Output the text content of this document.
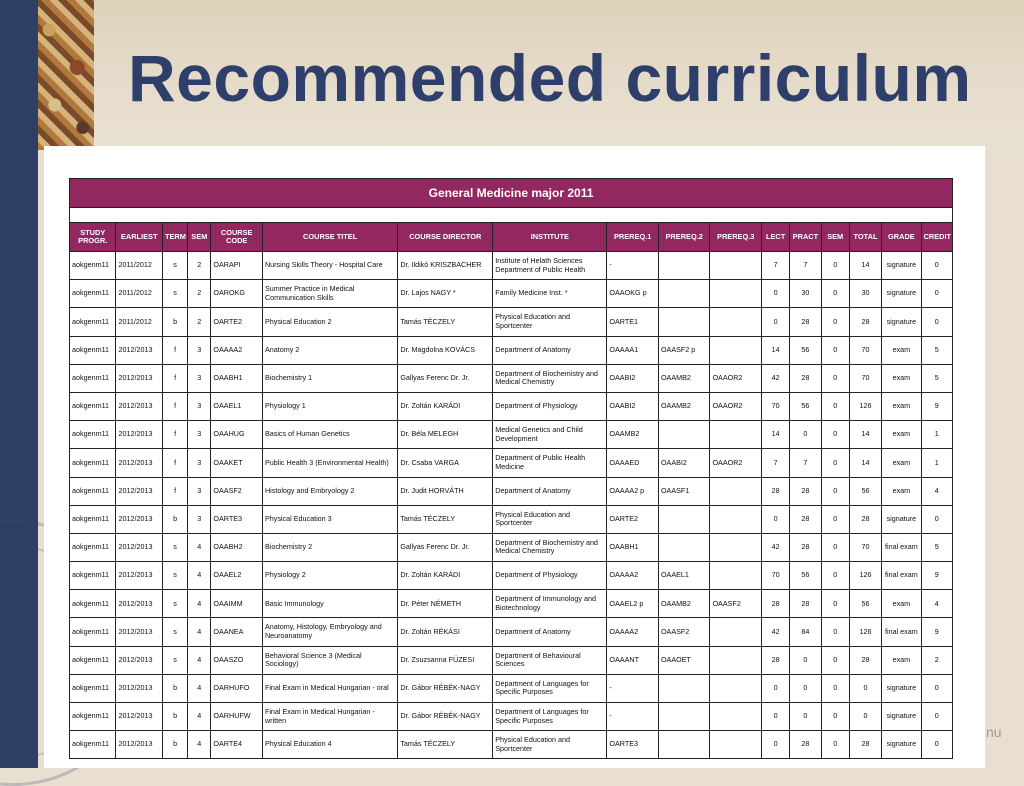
Recommended curriculum
General Medicine major 2011																

STUDY PROGR.	EARLIEST	TERM	SEM	COURSE CODE	COURSE TITEL	COURSE DIRECTOR	INSTITUTE	PREREQ.1	PREREQ.2	PREREQ.3	LECT	PRACT	SEM	TOTAL	GRADE	CREDIT
aokgenm11	2011/2012	s	2	OARAPI	Nursing Skills Theory - Hospital Care	Dr. Ildikó KRISZBACHER	Institute of Helath Sciences Department of Public Health	-			7	7	0	14	signature	0
aokgenm11	2011/2012	s	2	OAROKG	Summer Practice in Medical Communication Skills	Dr. Lajos NAGY *	Family Medicine Inst. *	OAAOKG p			0	30	0	30	signature	0
aokgenm11	2011/2012	b	2	OARTE2	Physical Education 2	Tamás TÉCZELY	Physical Education and Sportcenter	OARTE1			0	28	0	28	signature	0
aokgenm11	2012/2013	f	3	OAAAA2	Anatomy 2	Dr. Magdolna KOVÁCS	Department of Anatomy	OAAAA1	OAASF2 p		14	56	0	70	exam	5
aokgenm11	2012/2013	f	3	OAABH1	Biochemistry 1	Gallyas Ferenc Dr. Jr.	Department of Biochemistry and Medical Chemistry	OAABI2	OAAMB2	OAAOR2	42	28	0	70	exam	5
aokgenm11	2012/2013	f	3	OAAEL1	Physiology 1	Dr. Zoltán KARÁDI	Department of Physiology	OAABI2	OAAMB2	OAAOR2	70	56	0	126	exam	9
aokgenm11	2012/2013	f	3	OAAHUG	Basics of Human Genetics	Dr. Béla MELEGH	Medical Genetics and Child Development	OAAMB2			14	0	0	14	exam	1
aokgenm11	2012/2013	f	3	OAAKET	Public Health 3 (Environmental Health)	Dr. Csaba VARGA	Department of Public Health Medicine	OAAAED	OAABI2	OAAOR2	7	7	0	14	exam	1
aokgenm11	2012/2013	f	3	OAASF2	Histology and Embryology 2	Dr. Judit HORVÁTH	Department of Anatomy	OAAAA2 p	OAASF1		28	28	0	56	exam	4
aokgenm11	2012/2013	b	3	OARTE3	Physical Education 3	Tamás TÉCZELY	Physical Education and Sportcenter	OARTE2			0	28	0	28	signature	0
aokgenm11	2012/2013	s	4	OAABH2	Biochemistry 2	Gallyas Ferenc Dr. Jr.	Department of Biochemistry and Medical Chemistry	OAABH1			42	28	0	70	final exam	5
aokgenm11	2012/2013	s	4	OAAEL2	Physiology 2	Dr. Zoltán KARÁDI	Department of Physiology	OAAAA2	OAAEL1		70	56	0	126	final exam	9
aokgenm11	2012/2013	s	4	OAAIMM	Basic Immunology	Dr. Péter NÉMETH	Department of Immunology and Biotechnology	OAAEL2 p	OAAMB2	OAASF2	28	28	0	56	exam	4
aokgenm11	2012/2013	s	4	OAANEA	Anatomy, Histology, Embryology and Neuroanatomy	Dr. Zoltán RÉKÁSI	Department of Anatomy	OAAAA2	OAASF2		42	84	0	126	final exam	9
aokgenm11	2012/2013	s	4	OAASZO	Behavioral Science 3 (Medical Sociology)	Dr. Zsuzsanna FÜZESI	Department of Behavioural Sciences	OAAANT	OAAOET		28	0	0	28	exam	2
aokgenm11	2012/2013	b	4	OARHUFO	Final Exam in Medical Hungarian - oral	Dr. Gábor RÉBÉK-NAGY	Department of Languages for Specific Purposes	-			0	0	0	0	signature	0
aokgenm11	2012/2013	b	4	OARHUFW	Final Exam in Medical Hungarian - written	Dr. Gábor RÉBÉK-NAGY	Department of Languages for Specific Purposes	-			0	0	0	0	signature	0
aokgenm11	2012/2013	b	4	OARTE4	Physical Education 4	Tamás TÉCZELY	Physical Education and Sportcenter	OARTE3			0	28	0	28	signature	0
nu
